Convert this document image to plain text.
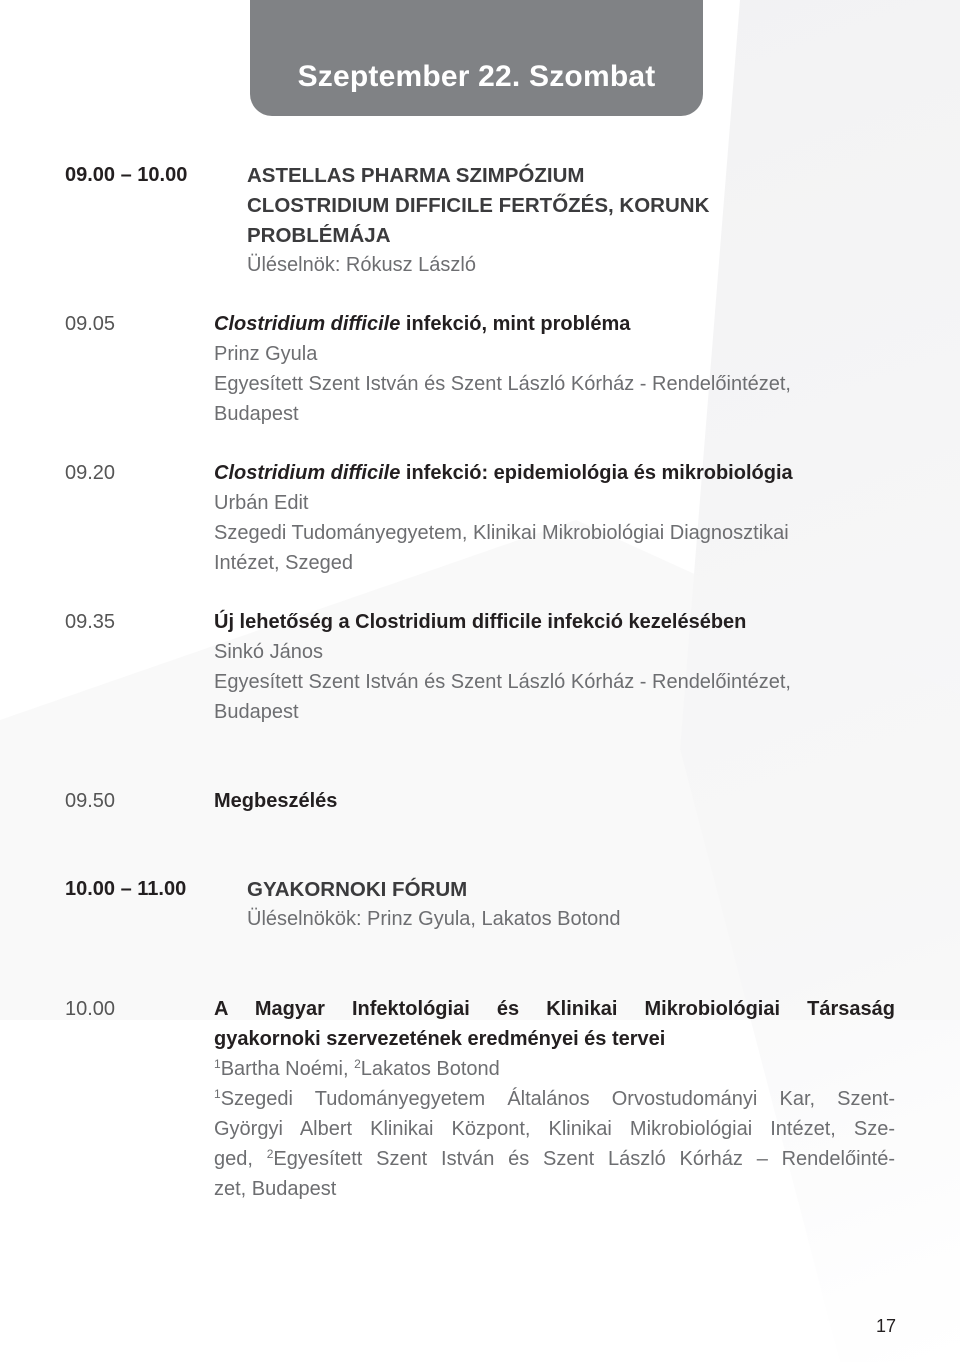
Szeptember 22. Szombat
09.00 – 10.00	ASTELLAS PHARMA SZIMPÓZIUM
CLOSTRIDIUM DIFFICILE FERTŐZÉS, KORUNK
PROBLÉMÁJA
Üléselnök: Rókusz László
09.05	Clostridium difficile infekció, mint probléma
Prinz Gyula
Egyesített Szent István és Szent László Kórház - Rendelőintézet,
Budapest
09.20	Clostridium difficile infekció: epidemiológia és mikrobiológia
Urbán Edit
Szegedi Tudományegyetem, Klinikai Mikrobiológiai Diagnosztikai
Intézet, Szeged
09.35	Új lehetőség a Clostridium difficile infekció kezelésében
Sinkó János
Egyesített Szent István és Szent László Kórház - Rendelőintézet,
Budapest
09.50	Megbeszélés
10.00 – 11.00	GYAKORNOKI FÓRUM
Üléselnökök: Prinz Gyula, Lakatos Botond
10.00	A Magyar Infektológiai és Klinikai Mikrobiológiai Társaság
gyakornoki szervezetének eredményei és tervei
$^1$Bartha Noémi, $^2$Lakatos Botond
$^1$Szegedi Tudományegyetem Általános Orvostudományi Kar, Szent-
Györgyi Albert Klinikai Központ, Klinikai Mikrobiológiai Intézet, Sze-
ged, $^2$Egyesített Szent István és Szent László Kórház – Rendelőinté-
zet, Budapest
17
